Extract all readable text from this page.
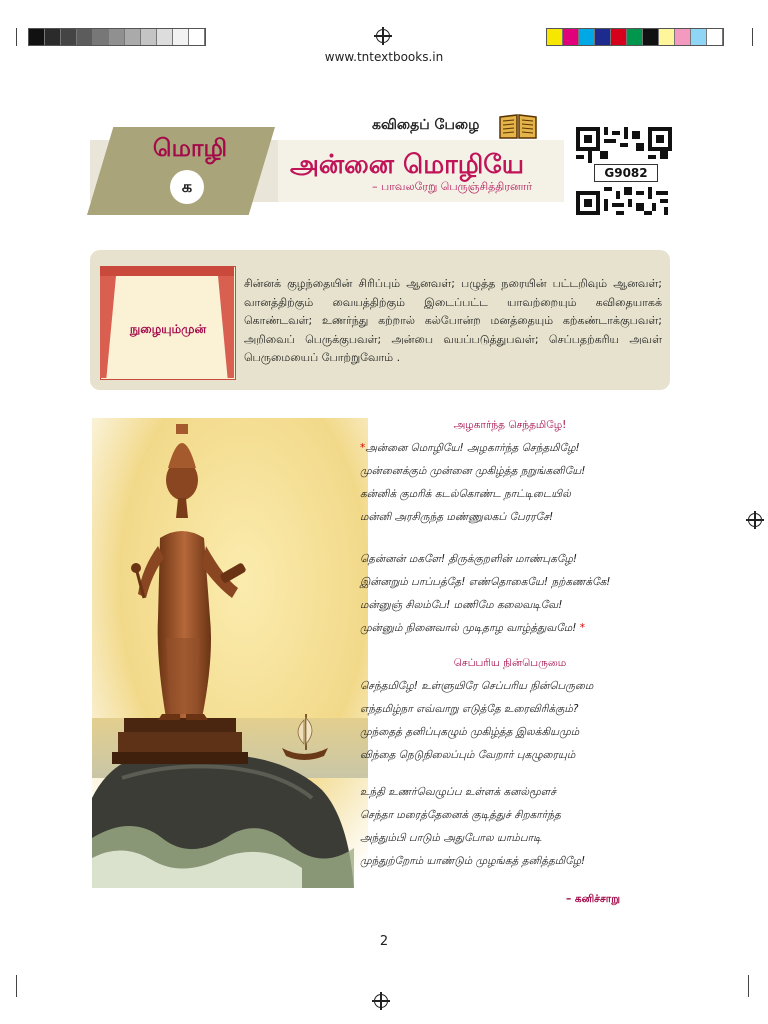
www.tntextbooks.in
மொழி
க
கவிதைப் பேழை
அன்னை மொழியே
– பாவலரேறு பெருஞ்சித்திரனார்
G9082
நுழையும்முன்
சின்னக் குழந்தையின் சிரிப்பும் ஆனவள்; பழுத்த நரையின் பட்டறிவும் ஆனவள்; வானத்திற்கும் வையத்திற்கும் இடைப்பட்ட யாவற்றையும் கவிதையாகக் கொண்டவள்; உணர்ந்து கற்றால் கல்போன்ற மனத்தையும் கற்கண்டாக்குபவள்; அறிவைப் பெருக்குபவள்; அன்பை வயப்படுத்துபவள்; செப்பதற்கரிய அவள் பெருமையைப் போற்றுவோம் .
அழகார்ந்த செந்தமிழே!
*அன்னை மொழியே! அழகார்ந்த செந்தமிழே!
முன்னைக்கும் முன்னை முகிழ்த்த நறுங்கனியே!
கன்னிக் குமரிக் கடல்கொண்ட நாட்டிடையில்
மன்னி அரசிருந்த மண்ணுலகப் பேரரசே!
தென்னன் மகளே! திருக்குறளின் மாண்புகழே!
இன்னறும் பாப்பத்தே! எண்தொகையே! நற்கணக்கே!
மன்னுஞ் சிலம்பே! மணிமே கலைவடிவே!
முன்னும் நினைவால் முடிதாழ வாழ்த்துவமே! *
செப்பரிய நின்பெருமை
செந்தமிழே! உள்ளுயிரே செப்பரிய நின்பெருமை
எந்தமிழ்நா எவ்வாறு எடுத்தே உரைவிரிக்கும்?
முந்தைத் தனிப்புகழும் முகிழ்த்த இலக்கியமும்
விந்தை நெடுநிலைப்பும் வேறார் புகழுரையும்
உந்தி உணர்வெழுப்ப உள்ளக் கனல்மூளச்
செந்தா மரைத்தேனைக் குடித்துச் சிறகார்ந்த
அந்தும்பி பாடும் அதுபோல யாம்பாடி
முந்துற்றோம் யாண்டும் முழங்கத் தனித்தமிழே!
– கனிச்சாறு
2
